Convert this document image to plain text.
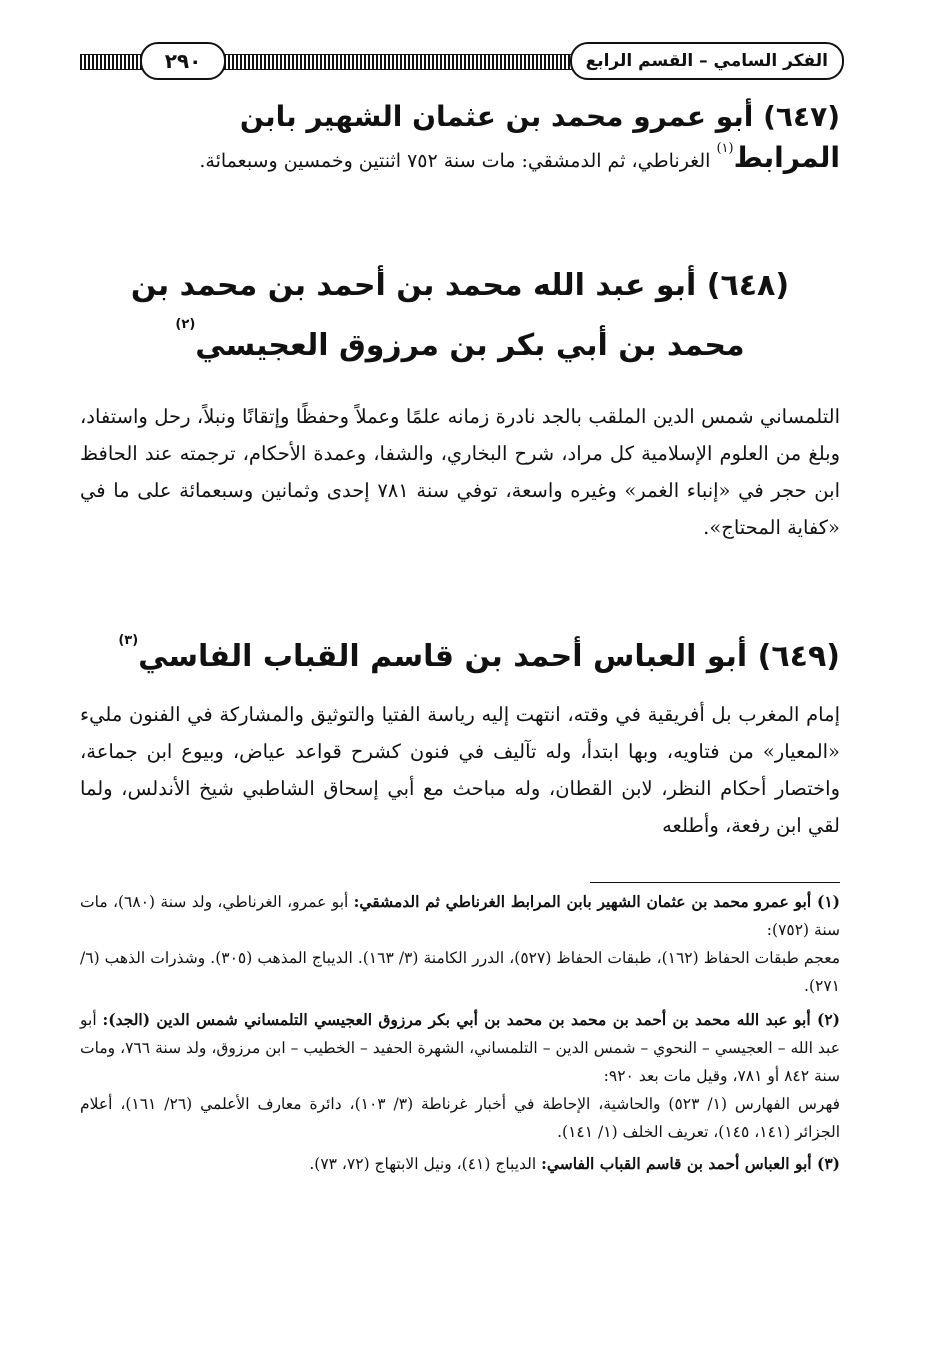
الفكر السامي – القسم الرابع
٢٩٠

(٦٤٧) أبو عمرو محمد بن عثمان الشهير بابن

المرابط$^{(١)}$ الغرناطي، ثم الدمشقي: مات سنة ٧٥٢ اثنتين وخمسين وسبعمائة.

(٦٤٨) أبو عبد الله محمد بن أحمد بن محمد بن

محمد بن أبي بكر بن مرزوق العجيسي$^{(٢)}$

التلمساني شمس الدين الملقب بالجد نادرة زمانه علمًا وعملاً وحفظًا وإتقانًا ونبلاً، رحل واستفاد، وبلغ من العلوم الإسلامية كل مراد، شرح البخاري، والشفا، وعمدة الأحكام، ترجمته عند الحافظ ابن حجر في «إنباء الغمر» وغيره واسعة، توفي سنة ٧٨١ إحدى وثمانين وسبعمائة على ما في «كفاية المحتاج».

(٦٤٩) أبو العباس أحمد بن قاسم القباب الفاسي$^{(٣)}$

إمام المغرب بل أفريقية في وقته، انتهت إليه رياسة الفتيا والتوثيق والمشاركة في الفنون مليء «المعيار» من فتاويه، وبها ابتدأ، وله تآليف في فنون كشرح قواعد عياض، وبيوع ابن جماعة، واختصار أحكام النظر، لابن القطان، وله مباحث مع أبي إسحاق الشاطبي شيخ الأندلس، ولما لقي ابن رفعة، وأطلعه

(١) أبو عمرو محمد بن عثمان الشهير بابن المرابط الغرناطي ثم الدمشقي: أبو عمرو، الغرناطي، ولد سنة (٦٨٠)، مات سنة (٧٥٢):

معجم طبقات الحفاظ (١٦٢)، طبقات الحفاظ (٥٢٧)، الدرر الكامنة (٣/ ١٦٣). الديباج المذهب (٣٠٥). وشذرات الذهب (٦/ ٢٧١).

(٢) أبو عبد الله محمد بن أحمد بن محمد بن محمد بن أبي بكر مرزوق العجيسي التلمساني شمس الدين (الجد): أبو عبد الله – العجيسي – النحوي – شمس الدين – التلمساني، الشهرة الحفيد – الخطيب – ابن مرزوق، ولد سنة ٧٦٦، ومات سنة ٨٤٢ أو ٧٨١، وقيل مات بعد ٩٢٠:

فهرس الفهارس (١/ ٥٢٣) والحاشية، الإحاطة في أخبار غرناطة (٣/ ١٠٣)، دائرة معارف الأعلمي (٢٦/ ١٦١)، أعلام الجزائر (١٤١، ١٤٥)، تعريف الخلف (١/ ١٤١).

(٣) أبو العباس أحمد بن قاسم القباب الفاسي: الديباج (٤١)، ونيل الابتهاج (٧٢، ٧٣).
